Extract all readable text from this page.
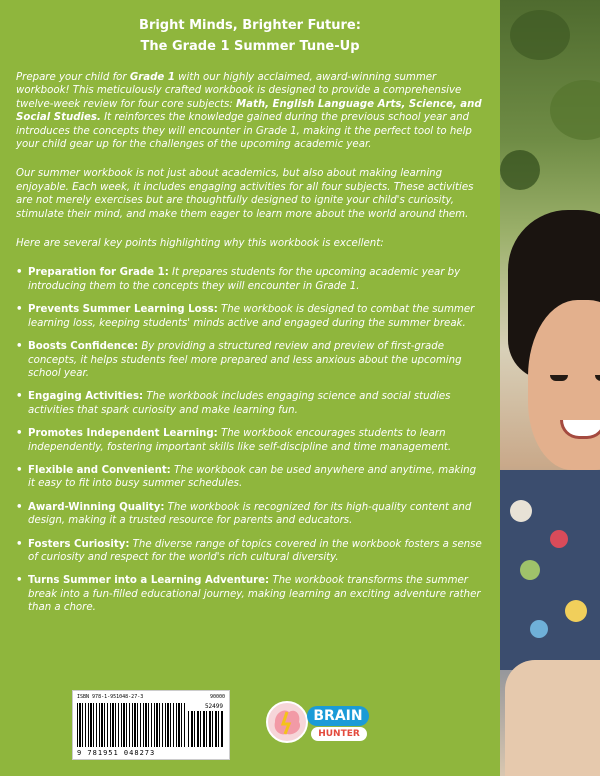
Bright Minds, Brighter Future:
The Grade 1 Summer Tune-Up

Prepare your child for Grade 1 with our highly acclaimed, award-winning summer workbook! This meticulously crafted workbook is designed to provide a comprehensive twelve-week review for four core subjects: Math, English Language Arts, Science, and Social Studies. It reinforces the knowledge gained during the previous school year and introduces the concepts they will encounter in Grade 1, making it the perfect tool to help your child gear up for the challenges of the upcoming academic year.

Our summer workbook is not just about academics, but also about making learning enjoyable. Each week, it includes engaging activities for all four subjects. These activities are not merely exercises but are thoughtfully designed to ignite your child's curiosity, stimulate their mind, and make them eager to learn more about the world around them.

Here are several key points highlighting why this workbook is excellent:

• Preparation for Grade 1: It prepares students for the upcoming academic year by introducing them to the concepts they will encounter in Grade 1.
• Prevents Summer Learning Loss: The workbook is designed to combat the summer learning loss, keeping students' minds active and engaged during the summer break.
• Boosts Confidence: By providing a structured review and preview of first-grade concepts, it helps students feel more prepared and less anxious about the upcoming school year.
• Engaging Activities: The workbook includes engaging science and social studies activities that spark curiosity and make learning fun.
• Promotes Independent Learning: The workbook encourages students to learn independently, fostering important skills like self-discipline and time management.
• Flexible and Convenient: The workbook can be used anywhere and anytime, making it easy to fit into busy summer schedules.
• Award-Winning Quality: The workbook is recognized for its high-quality content and design, making it a trusted resource for parents and educators.
• Fosters Curiosity: The diverse range of topics covered in the workbook fosters a sense of curiosity and respect for the world's rich cultural diversity.
• Turns Summer into a Learning Adventure: The workbook transforms the summer break into a fun-filled educational journey, making learning an exciting adventure rather than a chore.
ISBN 978-1-951048-27-3	90000
52499
9 781951 048273
BRAIN
HUNTER
